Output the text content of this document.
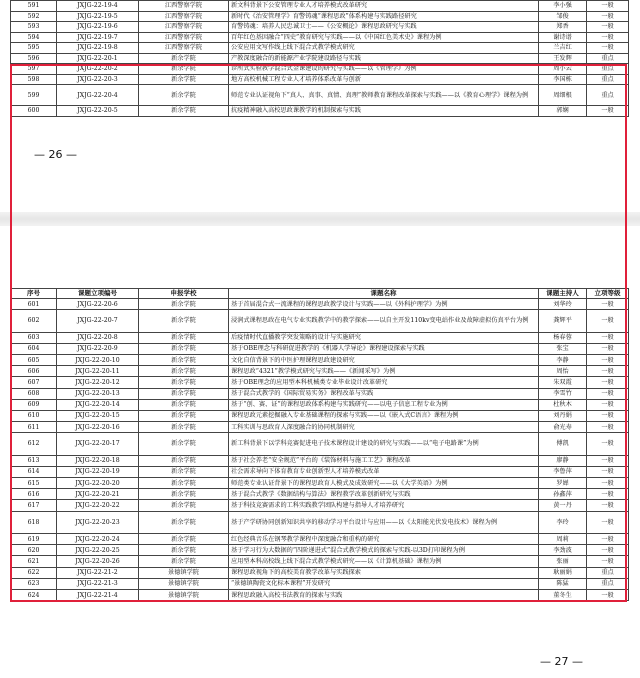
591	JXJG-22-19-4	江西警察学院	新文科背景下公安管理专业人才培养模式改革研究	李小强	一般
592	JXJG-22-19-5	江西警察学院	新时代《治安管理学》育警铸魂“课程思政”体系构建与实践路径研究	邹俊	一般
593	JXJG-22-19-6	江西警察学院	育警铸魂：培养人民忠诚卫士——《公安概论》课程思政研究与实践	郑香	一般
594	JXJG-22-19-7	江西警察学院	百年红色基因融合“四史”教育研究与实践——以《中国红色美术史》课程为例	谢诗谱	一般
595	JXJG-22-19-8	江西警察学院	公安应用文写作线上线下混合式教学模式研究	兰吉红	一般
596	JXJG-22-20-1	新余学院	产教深度融合的新能源产业学院建设路径与实践	王发辉	重点
597	JXJG-22-20-2	新余学院	诊所式实验教学混合式金课建设的研究与实践——以《管理学》为例	周小云	重点
598	JXJG-22-20-3	新余学院	地方高校机械工程专业人才培养体系改革与创新	李国栋	重点
599	JXJG-22-20-4	新余学院	师范专业认证视角下“真人、真事、真情、真理”教师教育课程改革探索与实践——以《教育心理学》课程为例	周细根	重点
600	JXJG-22-20-5	新余学院	抗疫精神融入高校思政课教学的机制探索与实践	郭娴	一般
— 26 —
序号	课题立项编号	申报学校	课题名称	课题主持人	立项等级
601	JXJG-22-20-6	新余学院	基于首届混合式一流课程的课程思政教学设计与实践——以《外科护理学》为例	刘华玲	一般
602	JXJG-22-20-7	新余学院	浸润式课程思政在电气专业实践教学中的教学探索——以自主开发110kv变电站作业及故障虚拟仿真平台为例	龚辉平	一般
603	JXJG-22-20-8	新余学院	后疫情时代直播教学突发策略的设计与实施研究	杨春蓉	一般
604	JXJG-22-20-9	新余学院	基于OBE理念与科研促进教学的《机器人学导论》课程建设探索与实践	张宝	一般
605	JXJG-22-20-10	新余学院	文化自信背景下的中医护理课程思政建设研究	李静	一般
606	JXJG-22-20-11	新余学院	课程思政“4321”教学模式研究与实践——《新闻采写》为例	周怡	一般
607	JXJG-22-20-12	新余学院	基于OBE理念的应用型本科机械类专业毕业设计改革研究	朱双霞	一般
608	JXJG-22-20-13	新余学院	基于混合式教学的《国际贸易实务》课程改革与实践	李雪竹	一般
609	JXJG-22-20-14	新余学院	基于“创、赛、证”的课程思政体系构建与实践研究——以电子信息工程专业为例	杜秋木	一般
610	JXJG-22-20-15	新余学院	课程思政元素挖掘融入专业基础课程的探索与实践——以《嵌入式C语言》课程为例	刘丹娟	一般
611	JXJG-22-20-16	新余学院	工科实训与思政育人深度融合的协同机制研究	俞光寿	一般
612	JXJG-22-20-17	新余学院	新工科背景下以学科竞赛促进电子技术课程设计建设的研究与实践——以“电子电路课”为例	傅凯	一般
613	JXJG-22-20-18	新余学院	基于社会养老“安全规范”平台的《装饰材料与施工工艺》课程改革	廖静	一般
614	JXJG-22-20-19	新余学院	社会需求导向下体育教育专业创新型人才培养模式改革	李鲁萍	一般
615	JXJG-22-20-20	新余学院	师范类专业认证背景下的课程思政育人模式及成效研究——以《大学英语》为例	罗婵	一般
616	JXJG-22-20-21	新余学院	基于混合式教学《数据结构与算法》课程教学改革创新研究与实践	孙鑫萍	一般
617	JXJG-22-20-22	新余学院	基于科技竞赛需求的工科实践教学团队构建与指导人才培养研究	黄一丹	一般
618	JXJG-22-20-23	新余学院	基于产学研协同创新知识共享的移动学习平台设计与应用——以《太阳能光伏发电技术》课程为例	李玲	一般
619	JXJG-22-20-24	新余学院	红色经典音乐在钢琴教学课程中深度融合和重构的研究	周莉	一般
620	JXJG-22-20-25	新余学院	基于学习行为大数据的“四阶递进式”混合式教学模式的探索与实践-以3D打印课程为例	李劲波	一般
621	JXJG-22-20-26	新余学院	应用型本科高校线上线下混合式教学模式研究——以《计算机基础》课程为例	张丽	一般
622	JXJG-22-21-2	景德镇学院	课程思政视角下的高校美育教学改革与实践探索	耿丽娟	重点
623	JXJG-22-21-3	景德镇学院	“景德镇陶瓷文化标本课程”开发研究	陈猛	重点
624	JXJG-22-21-4	景德镇学院	课程思政融入高校书法教育的探索与实践	董冬生	一般
— 27 —
